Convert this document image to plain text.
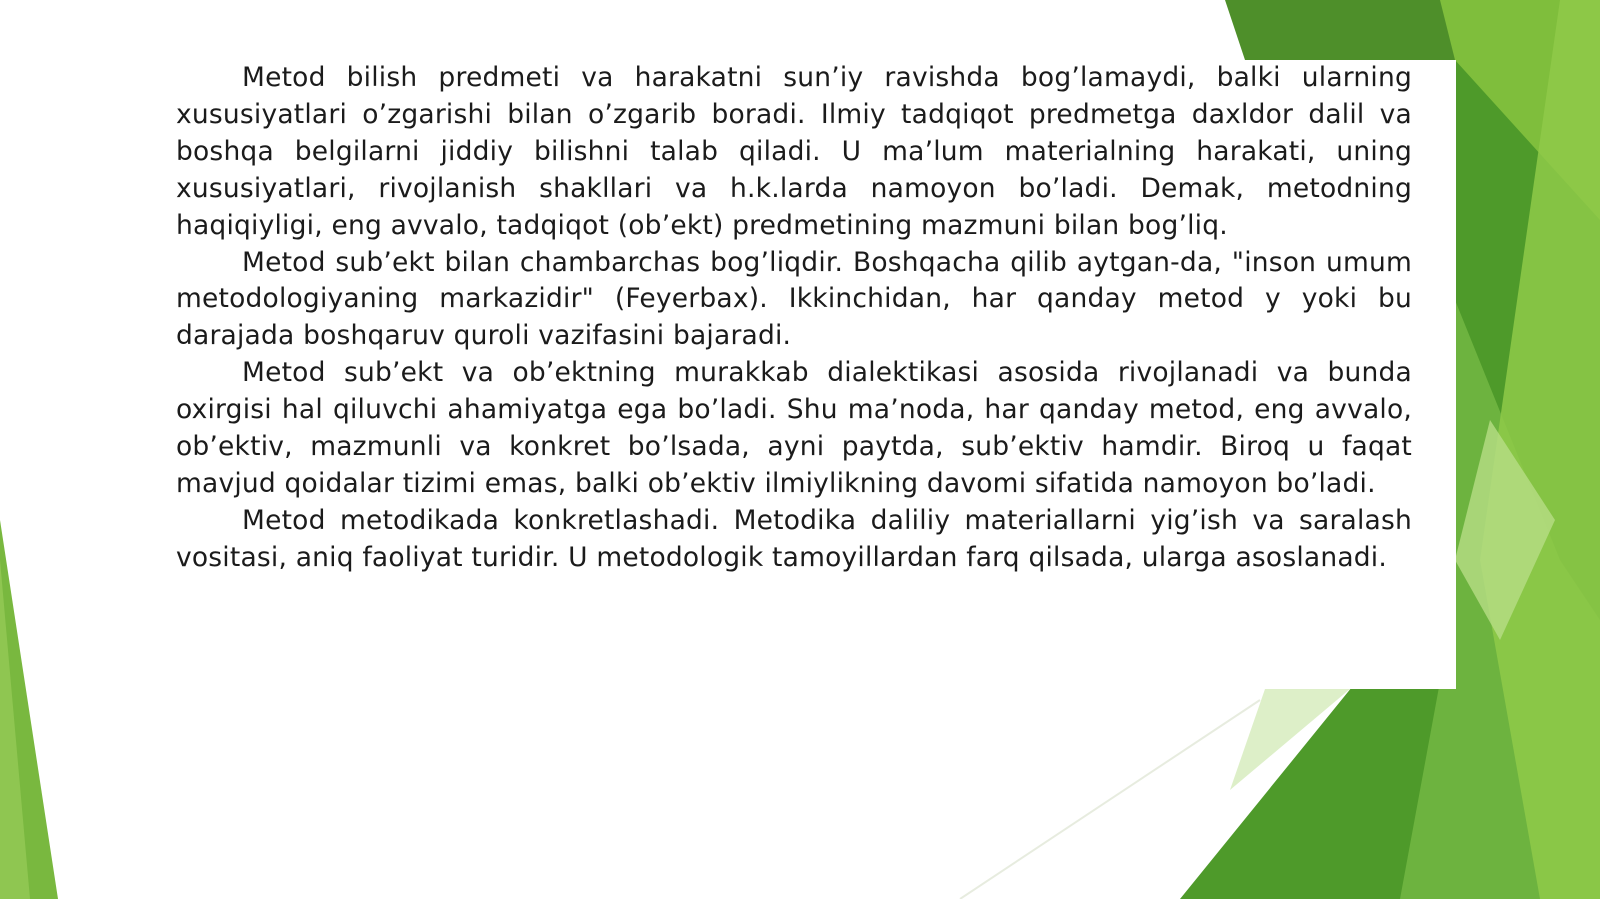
Metod bilish predmeti va harakatni sun’iy ravishda bog’lamaydi, balki ularning xususiyatlari o’zgarishi bilan o’zgarib boradi. Ilmiy tadqiqot predmetga daxldor dalil va boshqa belgilarni jiddiy bilishni talab qiladi. U ma’lum materialning harakati, uning xususiyatlari, rivojlanish shakllari va h.k.larda namoyon bo’ladi. Demak, metodning haqiqiyligi, eng avvalo, tadqiqot (ob’ekt) predmetining mazmuni bilan bog’liq.

Metod sub’ekt bilan chambarchas bog’liqdir. Boshqacha qilib aytgan-da, "inson umum metodologiyaning markazidir" (Feyerbax). Ikkinchidan, har qanday metod y yoki bu darajada boshqaruv quroli vazifasini bajaradi.

Metod sub’ekt va ob’ektning murakkab dialektikasi asosida rivojlanadi va bunda oxirgisi hal qiluvchi ahamiyatga ega bo’ladi. Shu ma’noda, har qanday metod, eng avvalo, ob’ektiv, mazmunli va konkret bo’lsada, ayni paytda, sub’ektiv hamdir. Biroq u faqat mavjud qoidalar tizimi emas, balki ob’ektiv ilmiylikning davomi sifatida namoyon bo’ladi.

Metod metodikada konkretlashadi. Metodika daliliy materiallarni yig’ish va saralash vositasi, aniq faoliyat turidir. U metodologik tamoyillardan farq qilsada, ularga asoslanadi.
